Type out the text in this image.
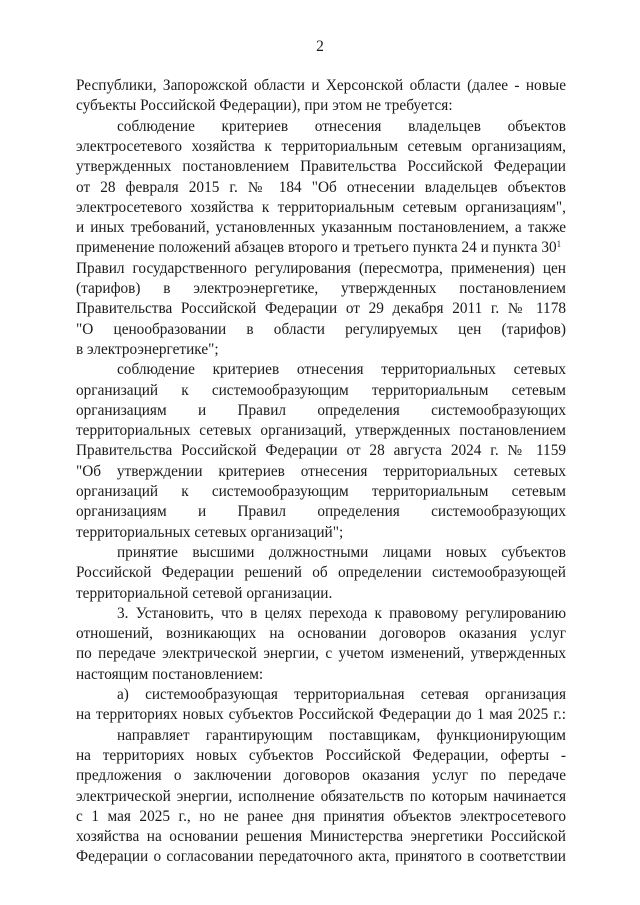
2
Республики, Запорожской области и Херсонской области (далее - новые
субъекты Российской Федерации), при этом не требуется:
соблюдение критериев отнесения владельцев объектов
электросетевого хозяйства к территориальным сетевым организациям,
утвержденных постановлением Правительства Российской Федерации
от 28 февраля 2015 г. № 184 "Об отнесении владельцев объектов
электросетевого хозяйства к территориальным сетевым организациям",
и иных требований, установленных указанным постановлением, а также
применение положений абзацев второго и третьего пункта 24 и пункта $30^1$
Правил государственного регулирования (пересмотра, применения) цен
(тарифов) в электроэнергетике, утвержденных постановлением
Правительства Российской Федерации от 29 декабря 2011 г. № 1178
"О ценообразовании в области регулируемых цен (тарифов)
в электроэнергетике";
соблюдение критериев отнесения территориальных сетевых
организаций к системообразующим территориальным сетевым
организациям и Правил определения системообразующих
территориальных сетевых организаций, утвержденных постановлением
Правительства Российской Федерации от 28 августа 2024 г. № 1159
"Об утверждении критериев отнесения территориальных сетевых
организаций к системообразующим территориальным сетевым
организациям и Правил определения системообразующих
территориальных сетевых организаций";
принятие высшими должностными лицами новых субъектов
Российской Федерации решений об определении системообразующей
территориальной сетевой организации.
3. Установить, что в целях перехода к правовому регулированию
отношений, возникающих на основании договоров оказания услуг
по передаче электрической энергии, с учетом изменений, утвержденных
настоящим постановлением:
а) системообразующая территориальная сетевая организация
на территориях новых субъектов Российской Федерации до 1 мая 2025 г.:
направляет гарантирующим поставщикам, функционирующим
на территориях новых субъектов Российской Федерации, оферты -
предложения о заключении договоров оказания услуг по передаче
электрической энергии, исполнение обязательств по которым начинается
с 1 мая 2025 г., но не ранее дня принятия объектов электросетевого
хозяйства на основании решения Министерства энергетики Российской
Федерации о согласовании передаточного акта, принятого в соответствии
